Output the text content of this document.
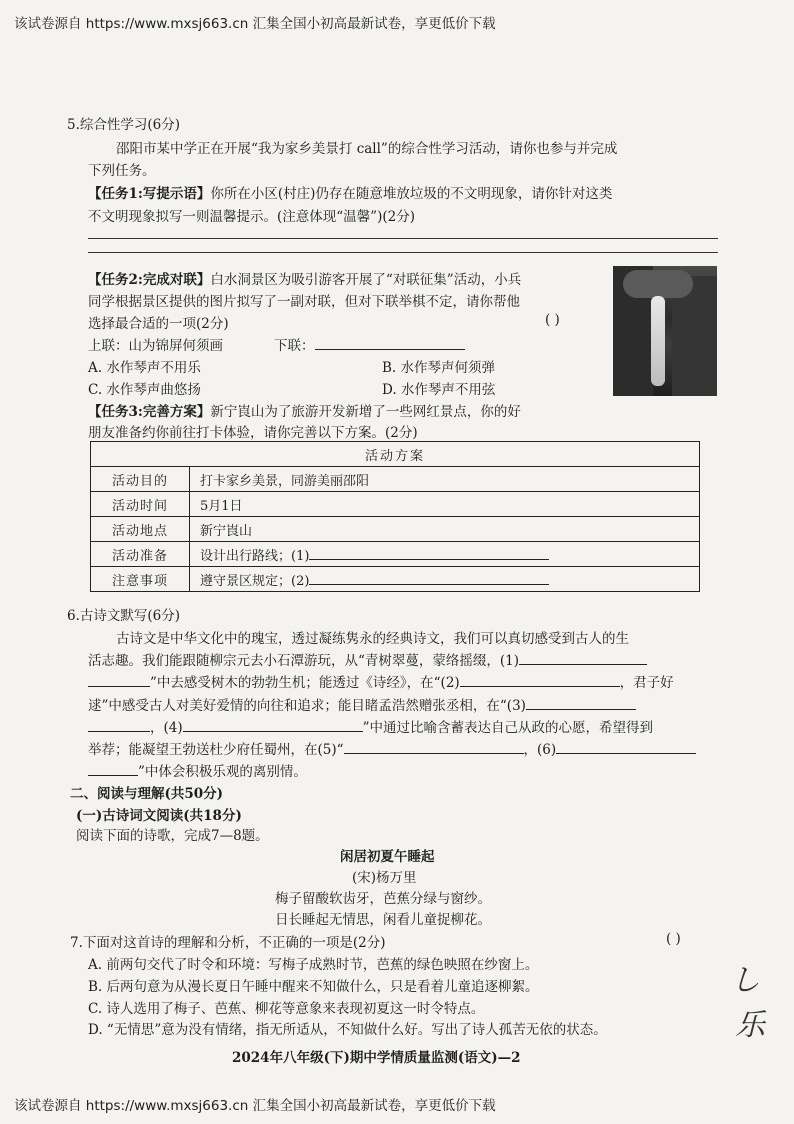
该试卷源自 https://www.mxsj663.cn 汇集全国小初高最新试卷，享更低价下载
5.综合性学习(6分)
邵阳市某中学正在开展“我为家乡美景打 call”的综合性学习活动，请你也参与并完成
下列任务。
【任务1:写提示语】你所在小区(村庄)仍存在随意堆放垃圾的不文明现象，请你针对这类
不文明现象拟写一则温馨提示。(注意体现“温馨”)(2分)
【任务2:完成对联】白水洞景区为吸引游客开展了“对联征集”活动，小兵
同学根据景区提供的图片拟写了一副对联，但对下联举棋不定，请你帮他
选择最合适的一项(2分)	( )
上联：山为锦屏何须画	下联：
A. 水作琴声不用乐	B. 水作琴声何须弹
C. 水作琴声曲悠扬	D. 水作琴声不用弦
【任务3:完善方案】新宁崀山为了旅游开发新增了一些网红景点，你的好
朋友准备约你前往打卡体验，请你完善以下方案。(2分)
活动方案	
活动目的	打卡家乡美景，同游美丽邵阳
活动时间	5月1日
活动地点	新宁崀山
活动准备	设计出行路线；(1)
注意事项	遵守景区规定；(2)
6.古诗文默写(6分)
古诗文是中华文化中的瑰宝，透过凝练隽永的经典诗文，我们可以真切感受到古人的生
活志趣。我们能跟随柳宗元去小石潭游玩，从“青树翠蔓，蒙络摇缀，(1)
”中去感受树木的勃勃生机；能透过《诗经》，在“(2)	，君子好
逑”中感受古人对美好爱情的向往和追求；能目睹孟浩然赠张丞相，在“(3)
，(4)	”中通过比喻含蓄表达自己从政的心愿，希望得到
举荐；能凝望王勃送杜少府任蜀州，在(5)“	，(6)
”中体会积极乐观的离别情。
二、阅读与理解(共50分)
(一)古诗词文阅读(共18分)
阅读下面的诗歌，完成7—8题。
闲居初夏午睡起
(宋)杨万里
梅子留酸软齿牙，芭蕉分绿与窗纱。
日长睡起无情思，闲看儿童捉柳花。
7.下面对这首诗的理解和分析，不正确的一项是(2分)	( )
A. 前两句交代了时令和环境：写梅子成熟时节，芭蕉的绿色映照在纱窗上。
B. 后两句意为从漫长夏日午睡中醒来不知做什么，只是看着儿童追逐柳絮。
C. 诗人选用了梅子、芭蕉、柳花等意象来表现初夏这一时令特点。
D. “无情思”意为没有情绪，指无所适从，不知做什么好。写出了诗人孤苦无依的状态。
し
乐
2024年八年级(下)期中学情质量监测(语文)—2
该试卷源自 https://www.mxsj663.cn 汇集全国小初高最新试卷，享更低价下载
